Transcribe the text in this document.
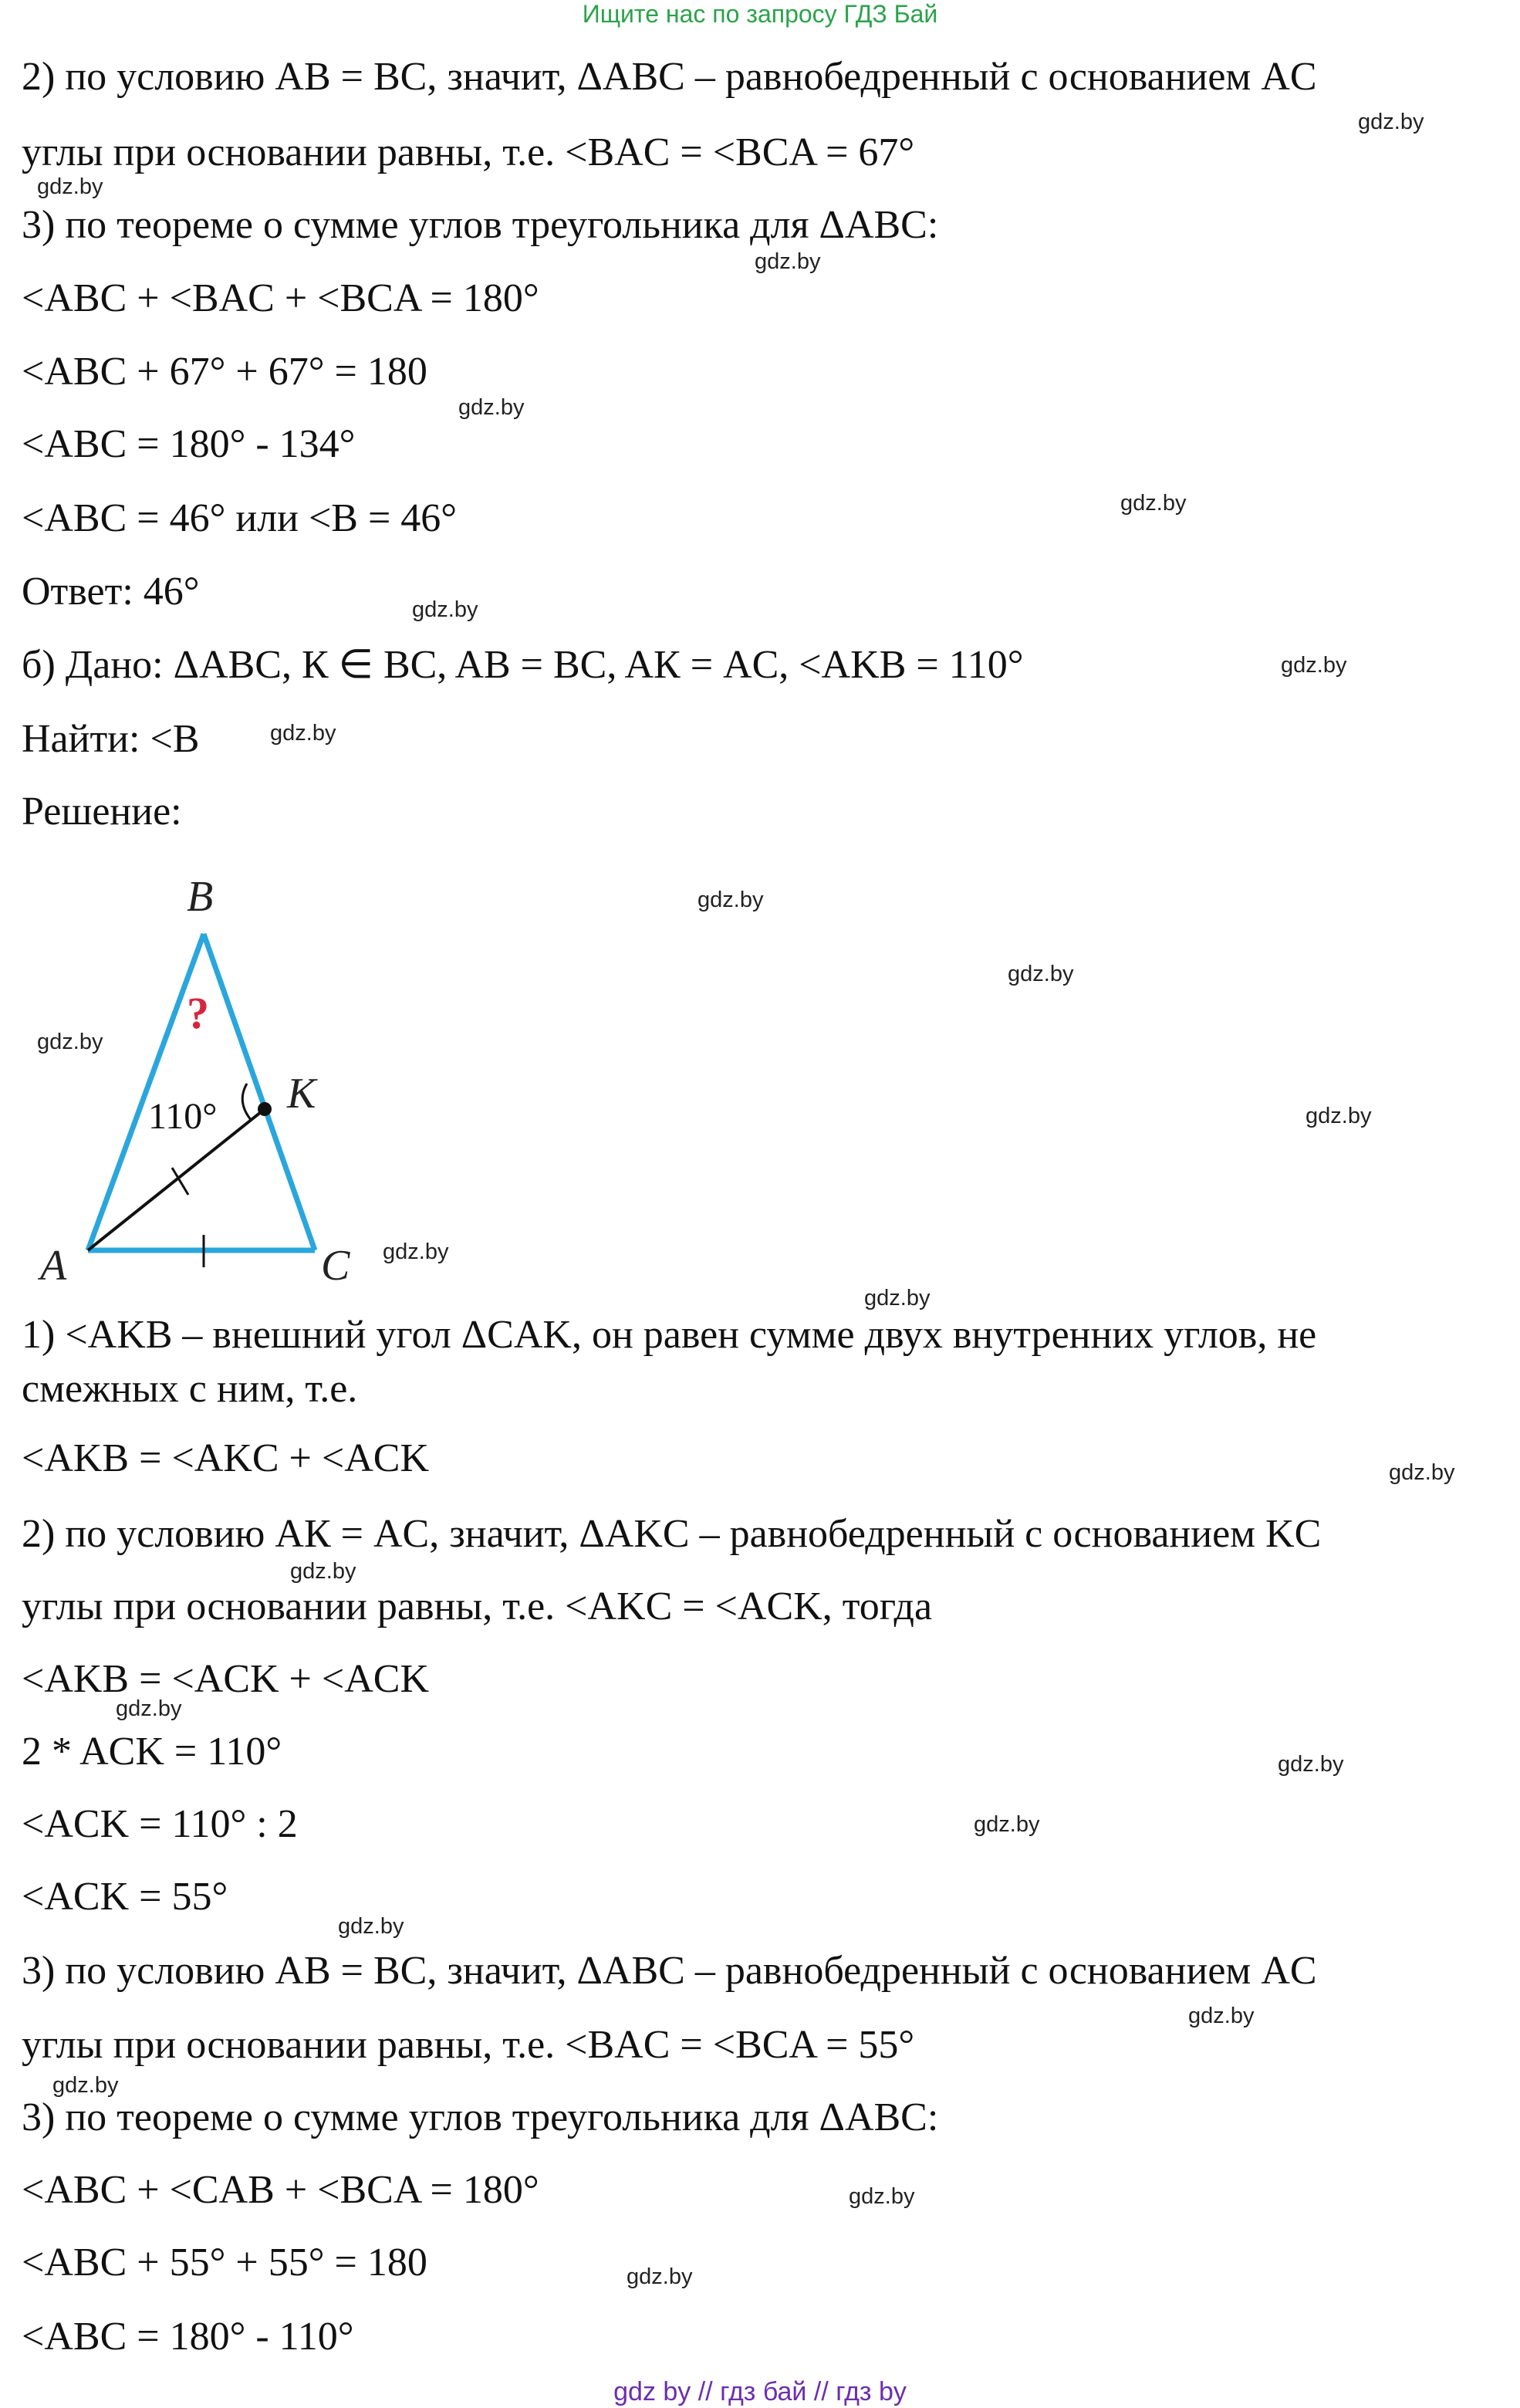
Ищите нас по запросу ГДЗ Бай
2) по условию AB = BC, значит, ΔABC – равнобедренный с основанием AC
углы при основании равны, т.е. <BAC = <BCA = 67°
3) по теореме о сумме углов треугольника для ΔABC:
<ABC + <BAC + <BCA = 180°
<ABC + 67° + 67° = 180
<ABC = 180° - 134°
<ABC = 46° или <B = 46°
Ответ: 46°
б) Дано: ΔABC, К ∈ BC, AB = BC, AК = AC, <AKB = 110°
Найти: <B
Решение:
B
A	C
K
110°
?
1) <AKB – внешний угол ΔCAK, он равен сумме двух внутренних углов, не
смежных с ним, т.е.
<AKB = <AKC + <ACK
2) по условию AК = AC, значит, ΔAKC – равнобедренный с основанием KC
углы при основании равны, т.е. <AKC = <ACK, тогда
<AKB = <ACK + <ACK
2 * ACK = 110°
<ACK = 110° : 2
<ACK = 55°
3) по условию AB = BC, значит, ΔABC – равнобедренный с основанием AC
углы при основании равны, т.е. <BAC = <BCA = 55°
3) по теореме о сумме углов треугольника для ΔABC:
<ABC + <CAB + <BCA = 180°
<ABC + 55° + 55° = 180
<ABC = 180° - 110°
gdz.by
gdz.by
gdz.by
gdz.by
gdz.by
gdz.by
gdz.by
gdz.by
gdz.by
gdz.by
gdz.by
gdz.by
gdz.by
gdz.by
gdz.by
gdz.by
gdz.by
gdz.by
gdz.by
gdz.by
gdz.by
gdz.by
gdz.by
gdz.by
gdz by // гдз бай // гдз by
